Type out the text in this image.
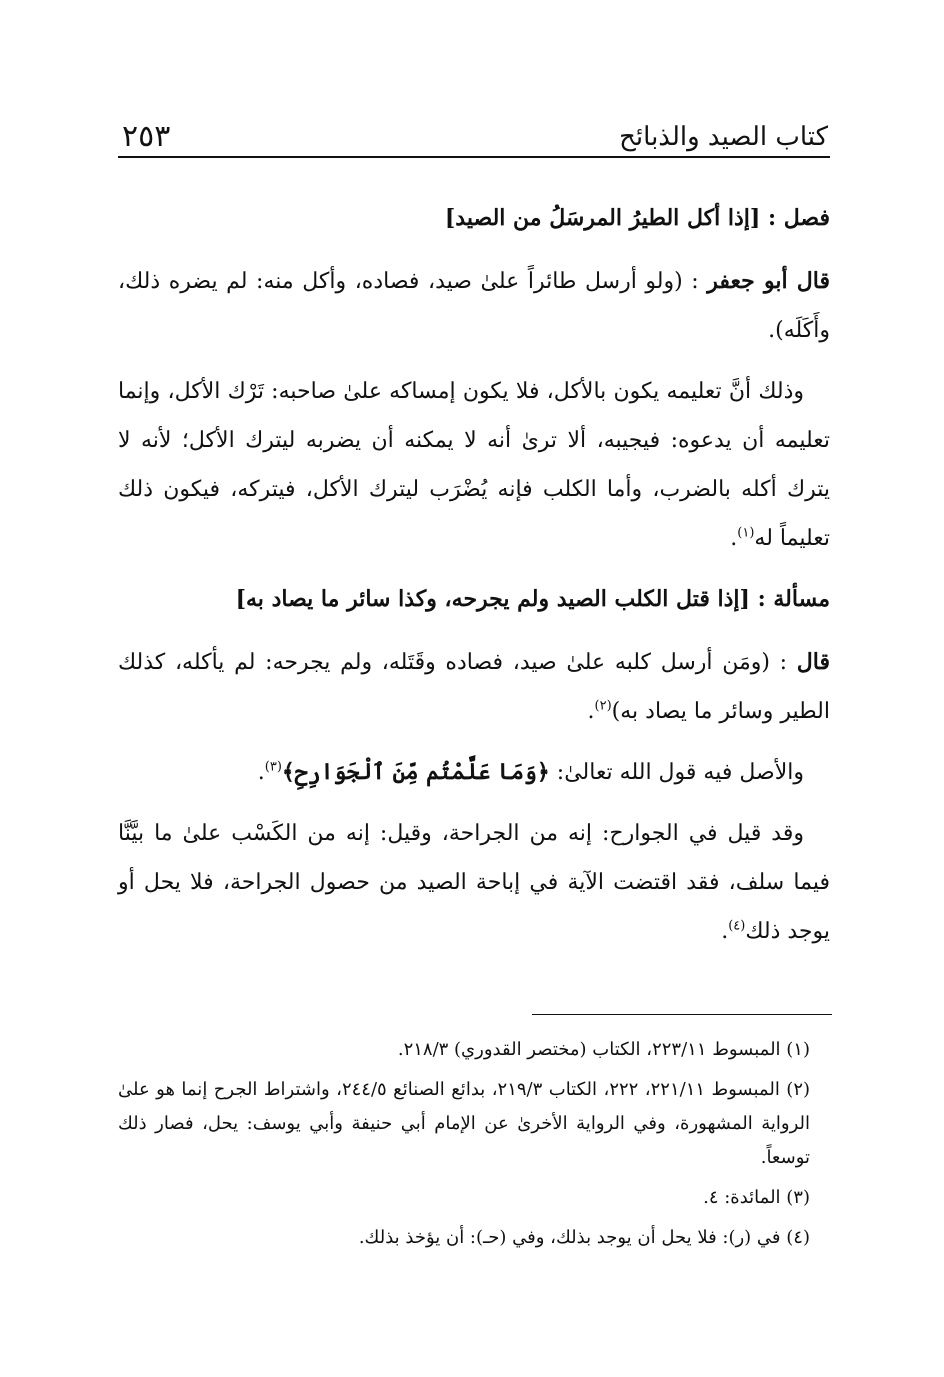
كتاب الصيد والذبائح
٢٥٣

فصل : [إذا أكل الطيرُ المرسَلُ من الصيد]

قال أبو جعفر : (ولو أرسل طائراً علىٰ صيد، فصاده، وأكل منه: لم يضره ذلك، وأَكَلَه).

وذلك أنَّ تعليمه يكون بالأكل، فلا يكون إمساكه علىٰ صاحبه: تَرْك الأكل، وإنما تعليمه أن يدعوه: فيجيبه، ألا ترىٰ أنه لا يمكنه أن يضربه ليترك الأكل؛ لأنه لا يترك أكله بالضرب، وأما الكلب فإنه يُضْرَب ليترك الأكل، فيتركه، فيكون ذلك تعليماً له$^{(١)}$.

مسألة : [إذا قتل الكلب الصيد ولم يجرحه، وكذا سائر ما يصاد به]

قال : (ومَن أرسل كلبه علىٰ صيد، فصاده وقَتَله، ولم يجرحه: لم يأكله، كذلك الطير وسائر ما يصاد به)$^{(٢)}$.

والأصل فيه قول الله تعالىٰ: ﴿وَمَا عَلَّمْتُم مِّنَ ٱلْجَوَارِحِ﴾$^{(٣)}$.

وقد قيل في الجوارح: إنه من الجراحة، وقيل: إنه من الكَسْب علىٰ ما بيَّنَّا فيما سلف، فقد اقتضت الآية في إباحة الصيد من حصول الجراحة، فلا يحل أو يوجد ذلك$^{(٤)}$.

(١) المبسوط ٢٢٣/١١، الكتاب (مختصر القدوري) ٢١٨/٣.

(٢) المبسوط ٢٢١/١١، ٢٢٢، الكتاب ٢١٩/٣، بدائع الصنائع ٢٤٤/٥، واشتراط الجرح إنما هو علىٰ الرواية المشهورة، وفي الرواية الأخرىٰ عن الإمام أبي حنيفة وأبي يوسف: يحل، فصار ذلك توسعاً.

(٣) المائدة: ٤.

(٤) في (ر): فلا يحل أن يوجد بذلك، وفي (حـ): أن يؤخذ بذلك.
